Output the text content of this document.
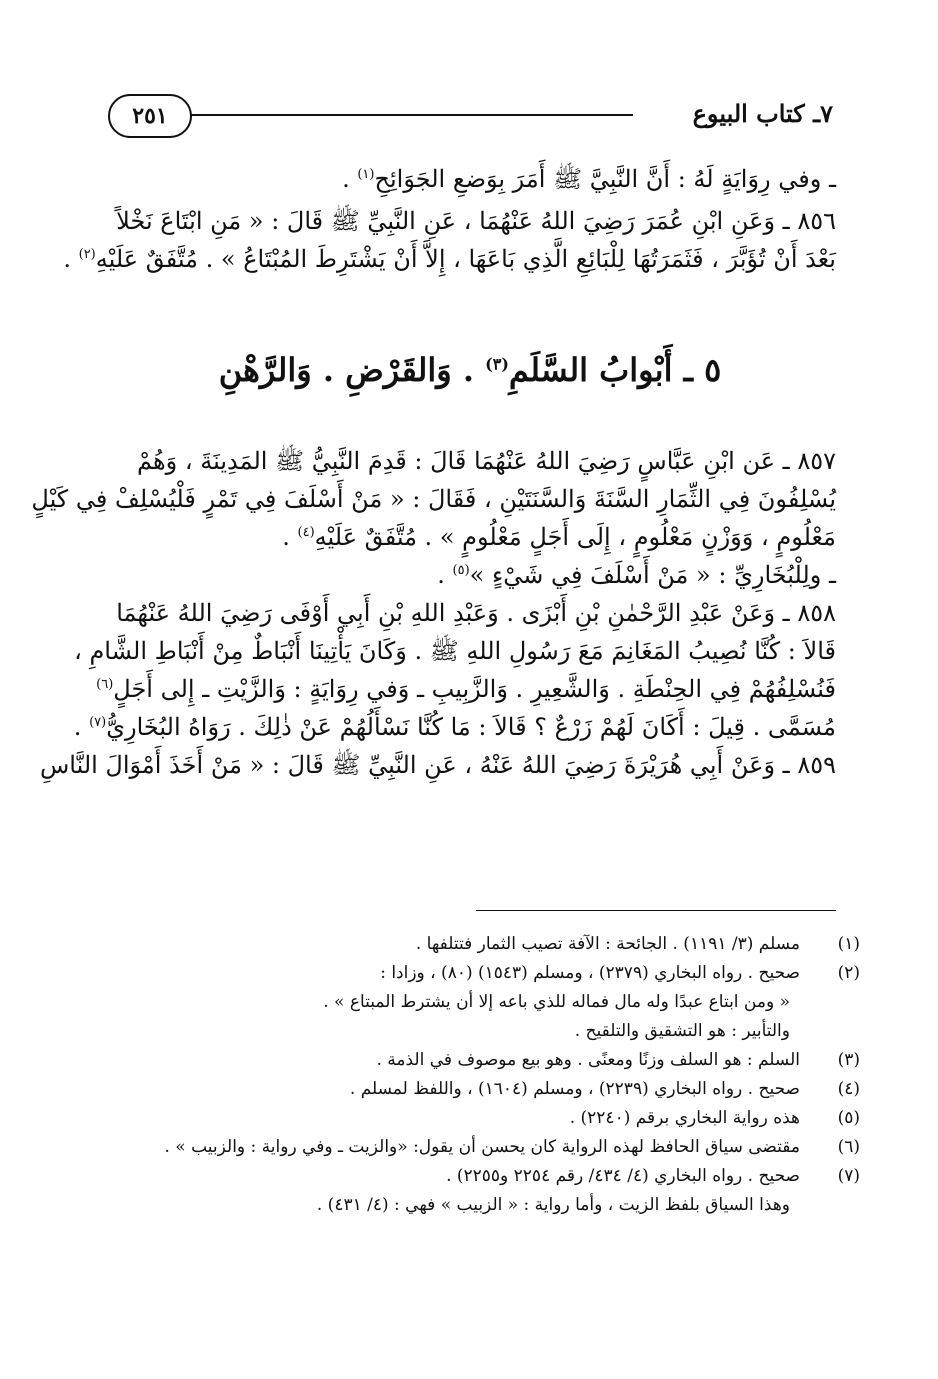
٢٥١	٧ـ كتاب البيوع
ـ وفي رِوَايَةٍ لَهُ : أَنَّ النَّبِيَّ ﷺ أَمَرَ بِوَضعِ الجَوَائِحِ$^{(١)}$ .
٨٥٦ ـ وَعَنِ ابْنِ عُمَرَ رَضِيَ اللهُ عَنْهُمَا ، عَنِ النَّبِيِّ ﷺ قَالَ : « مَنِ ابْتَاعَ نَخْلاً
بَعْدَ أَنْ تُؤَبَّرَ ، فَثَمَرَتُهَا لِلْبَائِعِ الَّذِي بَاعَهَا ، إِلاَّ أَنْ يَشْتَرِطَ المُبْتَاعُ » . مُتَّفَقٌ عَلَيْهِ$^{(٢)}$ .
٥ ـ أَبْوابُ السَّلَمِ$^{(٣)}$ . وَالقَرْضِ . وَالرَّهْنِ
٨٥٧ ـ عَن ابْنِ عَبَّاسٍ رَضِيَ اللهُ عَنْهُمَا قَالَ : قَدِمَ النَّبِيُّ ﷺ المَدِينَةَ ، وَهُمْ
يُسْلِفُونَ فِي الثِّمَارِ السَّنَةَ وَالسَّنَتَيْنِ ، فَقَالَ : « مَنْ أَسْلَفَ فِي تَمْرٍ فَلْيُسْلِفْ فِي كَيْلٍ
مَعْلُومٍ ، وَوَزْنٍ مَعْلُومٍ ، إِلَى أَجَلٍ مَعْلُومٍ » . مُتَّفَقٌ عَلَيْهِ$^{(٤)}$ .
ـ ولِلْبُخَارِيِّ : « مَنْ أَسْلَفَ فِي شَيْءٍ »$^{(٥)}$ .
٨٥٨ ـ وَعَنْ عَبْدِ الرَّحْمٰنِ بْنِ أَبْزَى . وَعَبْدِ اللهِ بْنِ أَبِي أَوْفَى رَضِيَ اللهُ عَنْهُمَا
قَالاَ : كُنَّا نُصِيبُ المَغَانِمَ مَعَ رَسُولِ اللهِ ﷺ . وَكَانَ يَأْتِينَا أَنْبَاطٌ مِنْ أَنْبَاطِ الشَّامِ ،
فَنُسْلِفُهُمْ فِي الحِنْطَةِ . وَالشَّعِيرِ . وَالزَّبِيبِ ـ وَفي رِوَايَةٍ : وَالزَّيْتِ ـ إِلى أَجَلٍ$^{(٦)}$
مُسَمَّى . قِيلَ : أَكَانَ لَهُمْ زَرْعٌ ؟ قَالاَ : مَا كُنَّا نَسْأَلُهُمْ عَنْ ذٰلِكَ . رَوَاهُ البُخَارِيُّ$^{(٧)}$ .
٨٥٩ ـ وَعَنْ أَبِي هُرَيْرَةَ رَضِيَ اللهُ عَنْهُ ، عَنِ النَّبِيِّ ﷺ قَالَ : « مَنْ أَخَذَ أَمْوَالَ النَّاسِ
(١)
مسلم (٣/ ١١٩١) . الجائحة : الآفة تصيب الثمار فتتلفها .
(٢)
صحيح . رواه البخاري (٢٣٧٩) ، ومسلم (١٥٤٣) (٨٠) ، وزادا :
« ومن ابتاع عبدًا وله مال فماله للذي باعه إلا أن يشترط المبتاع » .
والتأبير : هو التشقيق والتلقيح .
(٣)
السلم : هو السلف وزنًا ومعنًى . وهو بيع موصوف في الذمة .
(٤)
صحيح . رواه البخاري (٢٢٣٩) ، ومسلم (١٦٠٤) ، واللفظ لمسلم .
(٥)
هذه رواية البخاري برقم (٢٢٤٠) .
(٦)
مقتضى سياق الحافظ لهذه الرواية كان يحسن أن يقول: «والزيت ـ وفي رواية : والزبيب » .
(٧)
صحيح . رواه البخاري (٤/ ٤٣٤/ رقم ٢٢٥٤ و٢٢٥٥) .
وهذا السياق بلفظ الزيت ، وأما رواية : « الزبيب » فهي : (٤/ ٤٣١) .
